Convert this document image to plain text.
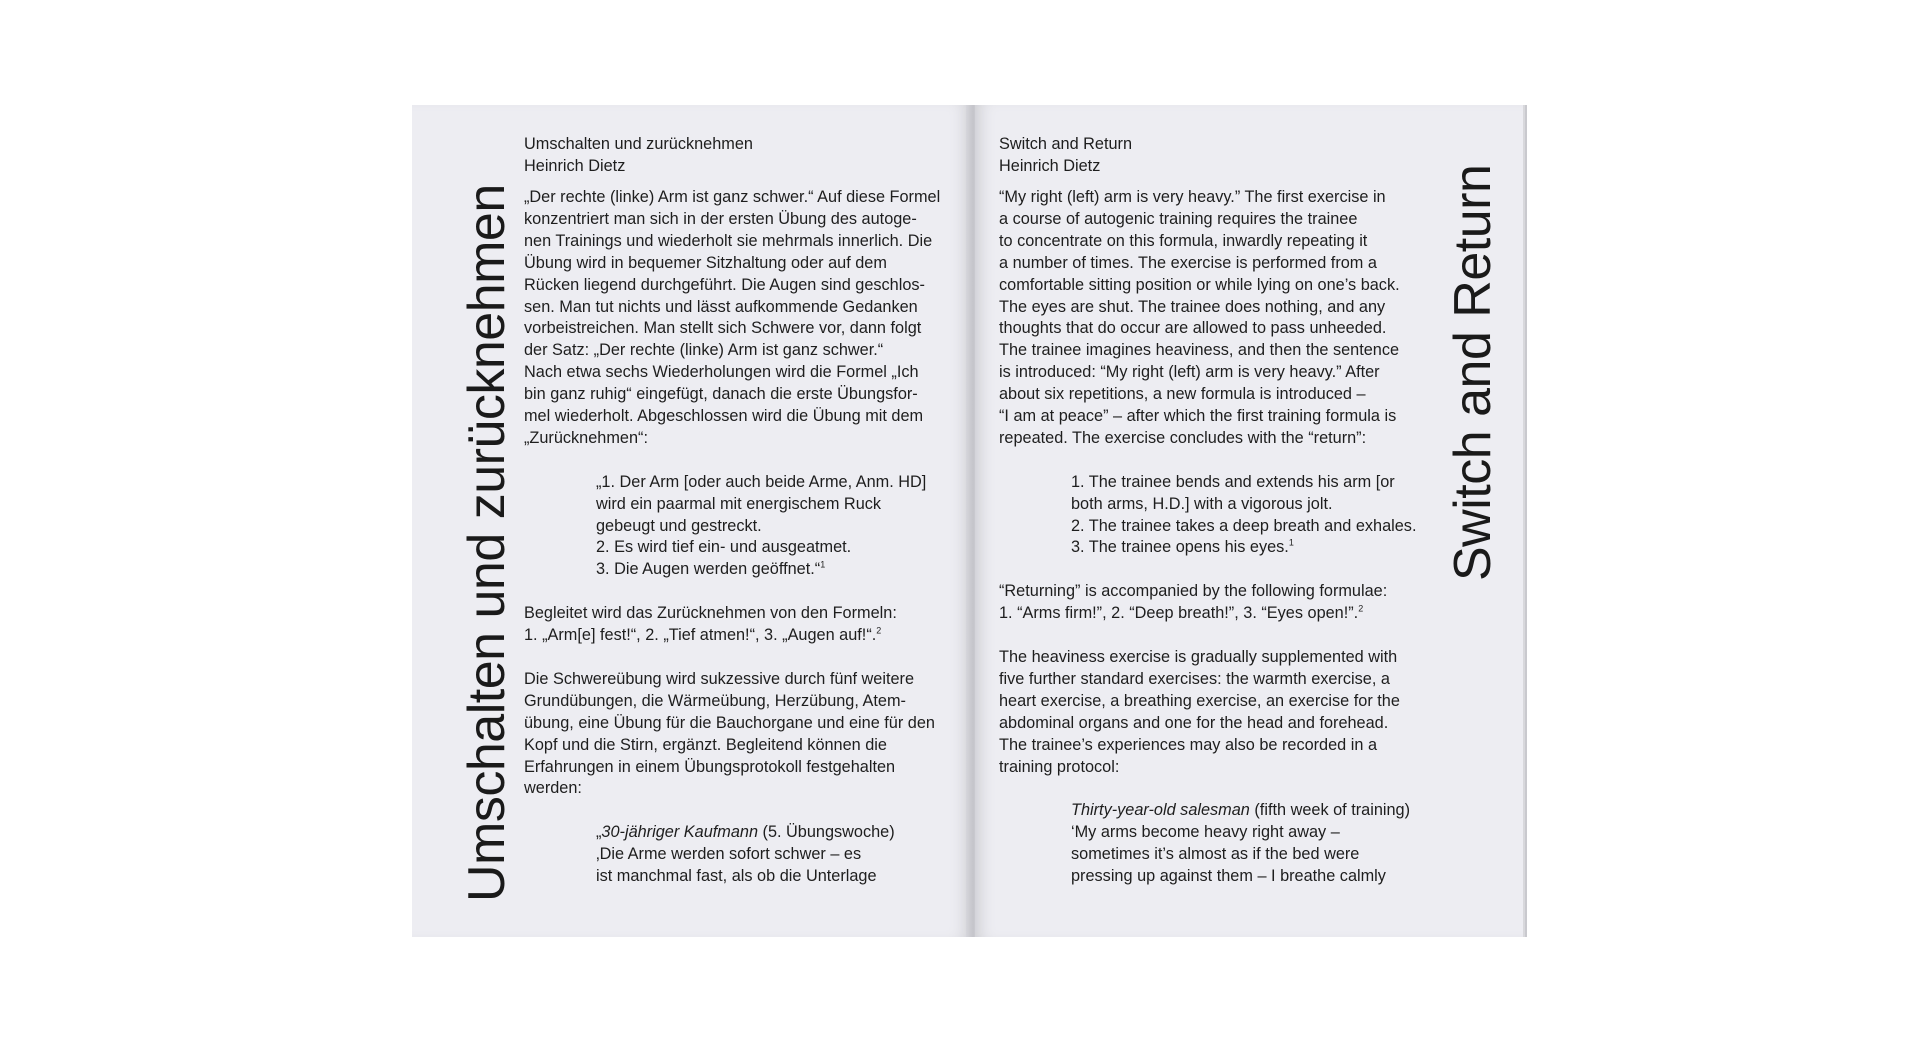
Umschalten und zurücknehmen
Umschalten und zurücknehmen
Heinrich Dietz

„Der rechte (linke) Arm ist ganz schwer.“ Auf diese Formel
konzentriert man sich in der ersten Übung des autoge-
nen Trainings und wiederholt sie mehrmals innerlich. Die
Übung wird in bequemer Sitzhaltung oder auf dem
Rücken liegend durchgeführt. Die Augen sind geschlos-
sen. Man tut nichts und lässt aufkommende Gedanken
vorbeistreichen. Man stellt sich Schwere vor, dann folgt
der Satz: „Der rechte (linke) Arm ist ganz schwer.“
Nach etwa sechs Wiederholungen wird die Formel „Ich
bin ganz ruhig“ eingefügt, danach die erste Übungsfor-
mel wiederholt. Abgeschlossen wird die Übung mit dem
„Zurücknehmen“:

„1. Der Arm [oder auch beide Arme, Anm. HD]
wird ein paarmal mit energischem Ruck
gebeugt und gestreckt.
2. Es wird tief ein- und ausgeatmet.
3. Die Augen werden geöffnet.“$^1$

Begleitet wird das Zurücknehmen von den Formeln:
1. „Arm[e] fest!“, 2. „Tief atmen!“, 3. „Augen auf!“.$^2$

Die Schwereübung wird sukzessive durch fünf weitere
Grundübungen, die Wärmeübung, Herzübung, Atem-
übung, eine Übung für die Bauchorgane und eine für den
Kopf und die Stirn, ergänzt. Begleitend können die
Erfahrungen in einem Übungsprotokoll festgehalten
werden:

„30-jähriger Kaufmann (5. Übungswoche)
‚Die Arme werden sofort schwer – es
ist manchmal fast, als ob die Unterlage
Switch and Return
Switch and Return
Heinrich Dietz

“My right (left) arm is very heavy.” The first exercise in
a course of autogenic training requires the trainee
to concentrate on this formula, inwardly repeating it
a number of times. The exercise is performed from a
comfortable sitting position or while lying on one’s back.
The eyes are shut. The trainee does nothing, and any
thoughts that do occur are allowed to pass unheeded.
The trainee imagines heaviness, and then the sentence
is introduced: “My right (left) arm is very heavy.” After
about six repetitions, a new formula is introduced –
“I am at peace” – after which the first training formula is
repeated. The exercise concludes with the “return”:

1. The trainee bends and extends his arm [or
both arms, H.D.] with a vigorous jolt.
2. The trainee takes a deep breath and exhales.
3. The trainee opens his eyes.$^1$

“Returning” is accompanied by the following formulae:
1. “Arms firm!”, 2. “Deep breath!”, 3. “Eyes open!”.$^2$

The heaviness exercise is gradually supplemented with
five further standard exercises: the warmth exercise, a
heart exercise, a breathing exercise, an exercise for the
abdominal organs and one for the head and forehead.
The trainee’s experiences may also be recorded in a
training protocol:

Thirty-year-old salesman (fifth week of training)
‘My arms become heavy right away –
sometimes it’s almost as if the bed were
pressing up against them – I breathe calmly
